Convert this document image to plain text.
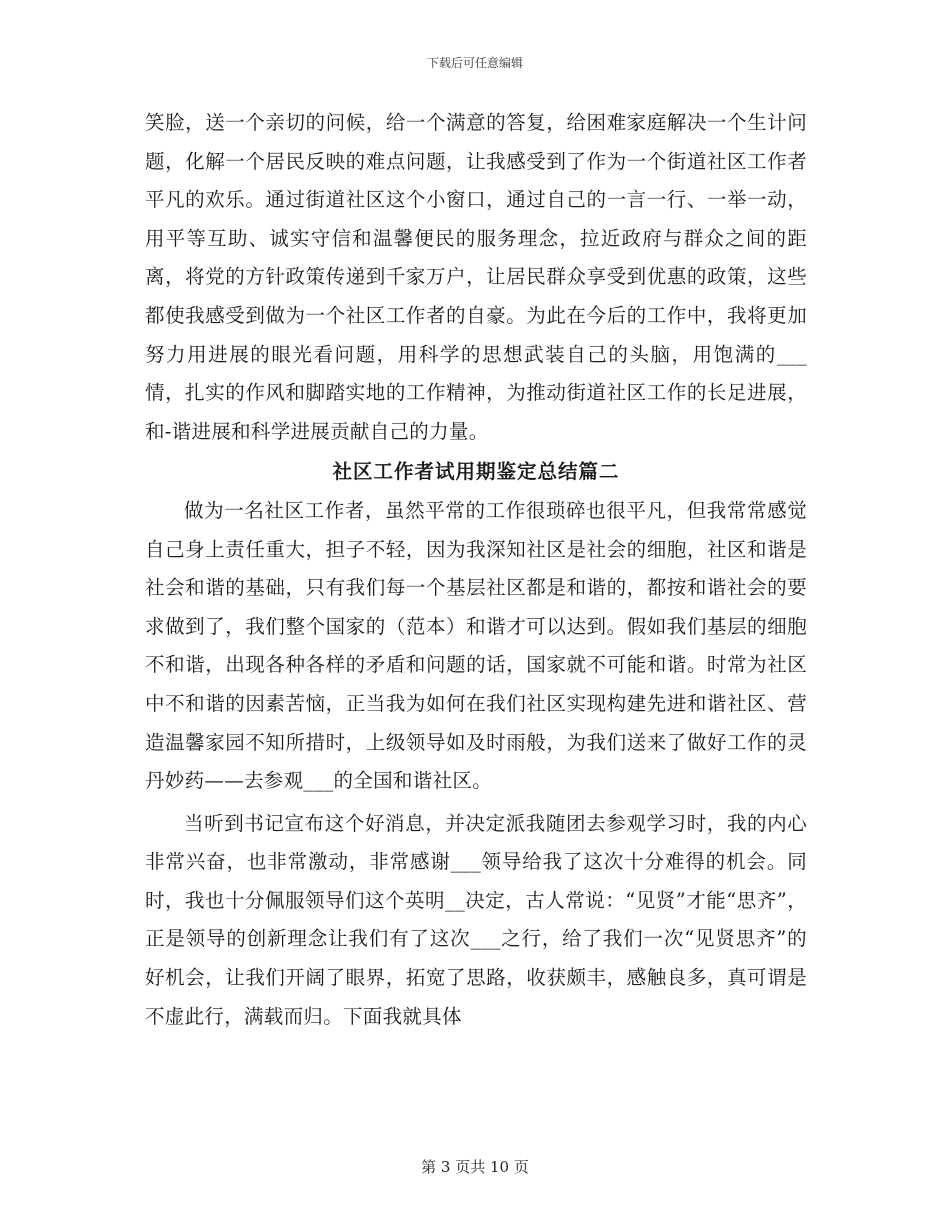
下载后可任意编辑

笑脸，送一个亲切的问候，给一个满意的答复，给困难家庭解决一个生计问题，化解一个居民反映的难点问题，让我感受到了作为一个街道社区工作者平凡的欢乐。通过街道社区这个小窗口，通过自己的一言一行、一举一动，用平等互助、诚实守信和温馨便民的服务理念，拉近政府与群众之间的距离，将党的方针政策传递到千家万户，让居民群众享受到优惠的政策，这些都使我感受到做为一个社区工作者的自豪。为此在今后的工作中，我将更加努力用进展的眼光看问题，用科学的思想武装自己的头脑，用饱满的___情，扎实的作风和脚踏实地的工作精神，为推动街道社区工作的长足进展，和-谐进展和科学进展贡献自己的力量。

社区工作者试用期鉴定总结篇二

做为一名社区工作者，虽然平常的工作很琐碎也很平凡，但我常常感觉自己身上责任重大，担子不轻，因为我深知社区是社会的细胞，社区和谐是社会和谐的基础，只有我们每一个基层社区都是和谐的，都按和谐社会的要求做到了，我们整个国家的（范本）和谐才可以达到。假如我们基层的细胞不和谐，出现各种各样的矛盾和问题的话，国家就不可能和谐。时常为社区中不和谐的因素苦恼，正当我为如何在我们社区实现构建先进和谐社区、营造温馨家园不知所措时，上级领导如及时雨般，为我们送来了做好工作的灵丹妙药——去参观___的全国和谐社区。

当听到书记宣布这个好消息，并决定派我随团去参观学习时，我的内心非常兴奋，也非常激动，非常感谢___领导给我了这次十分难得的机会。同时，我也十分佩服领导们这个英明__决定，古人常说：“见贤”才能“思齐”，正是领导的创新理念让我们有了这次___之行，给了我们一次“见贤思齐”的好机会，让我们开阔了眼界，拓宽了思路，收获颇丰，感触良多，真可谓是不虚此行，满载而归。下面我就具体

第 3 页共 10 页
